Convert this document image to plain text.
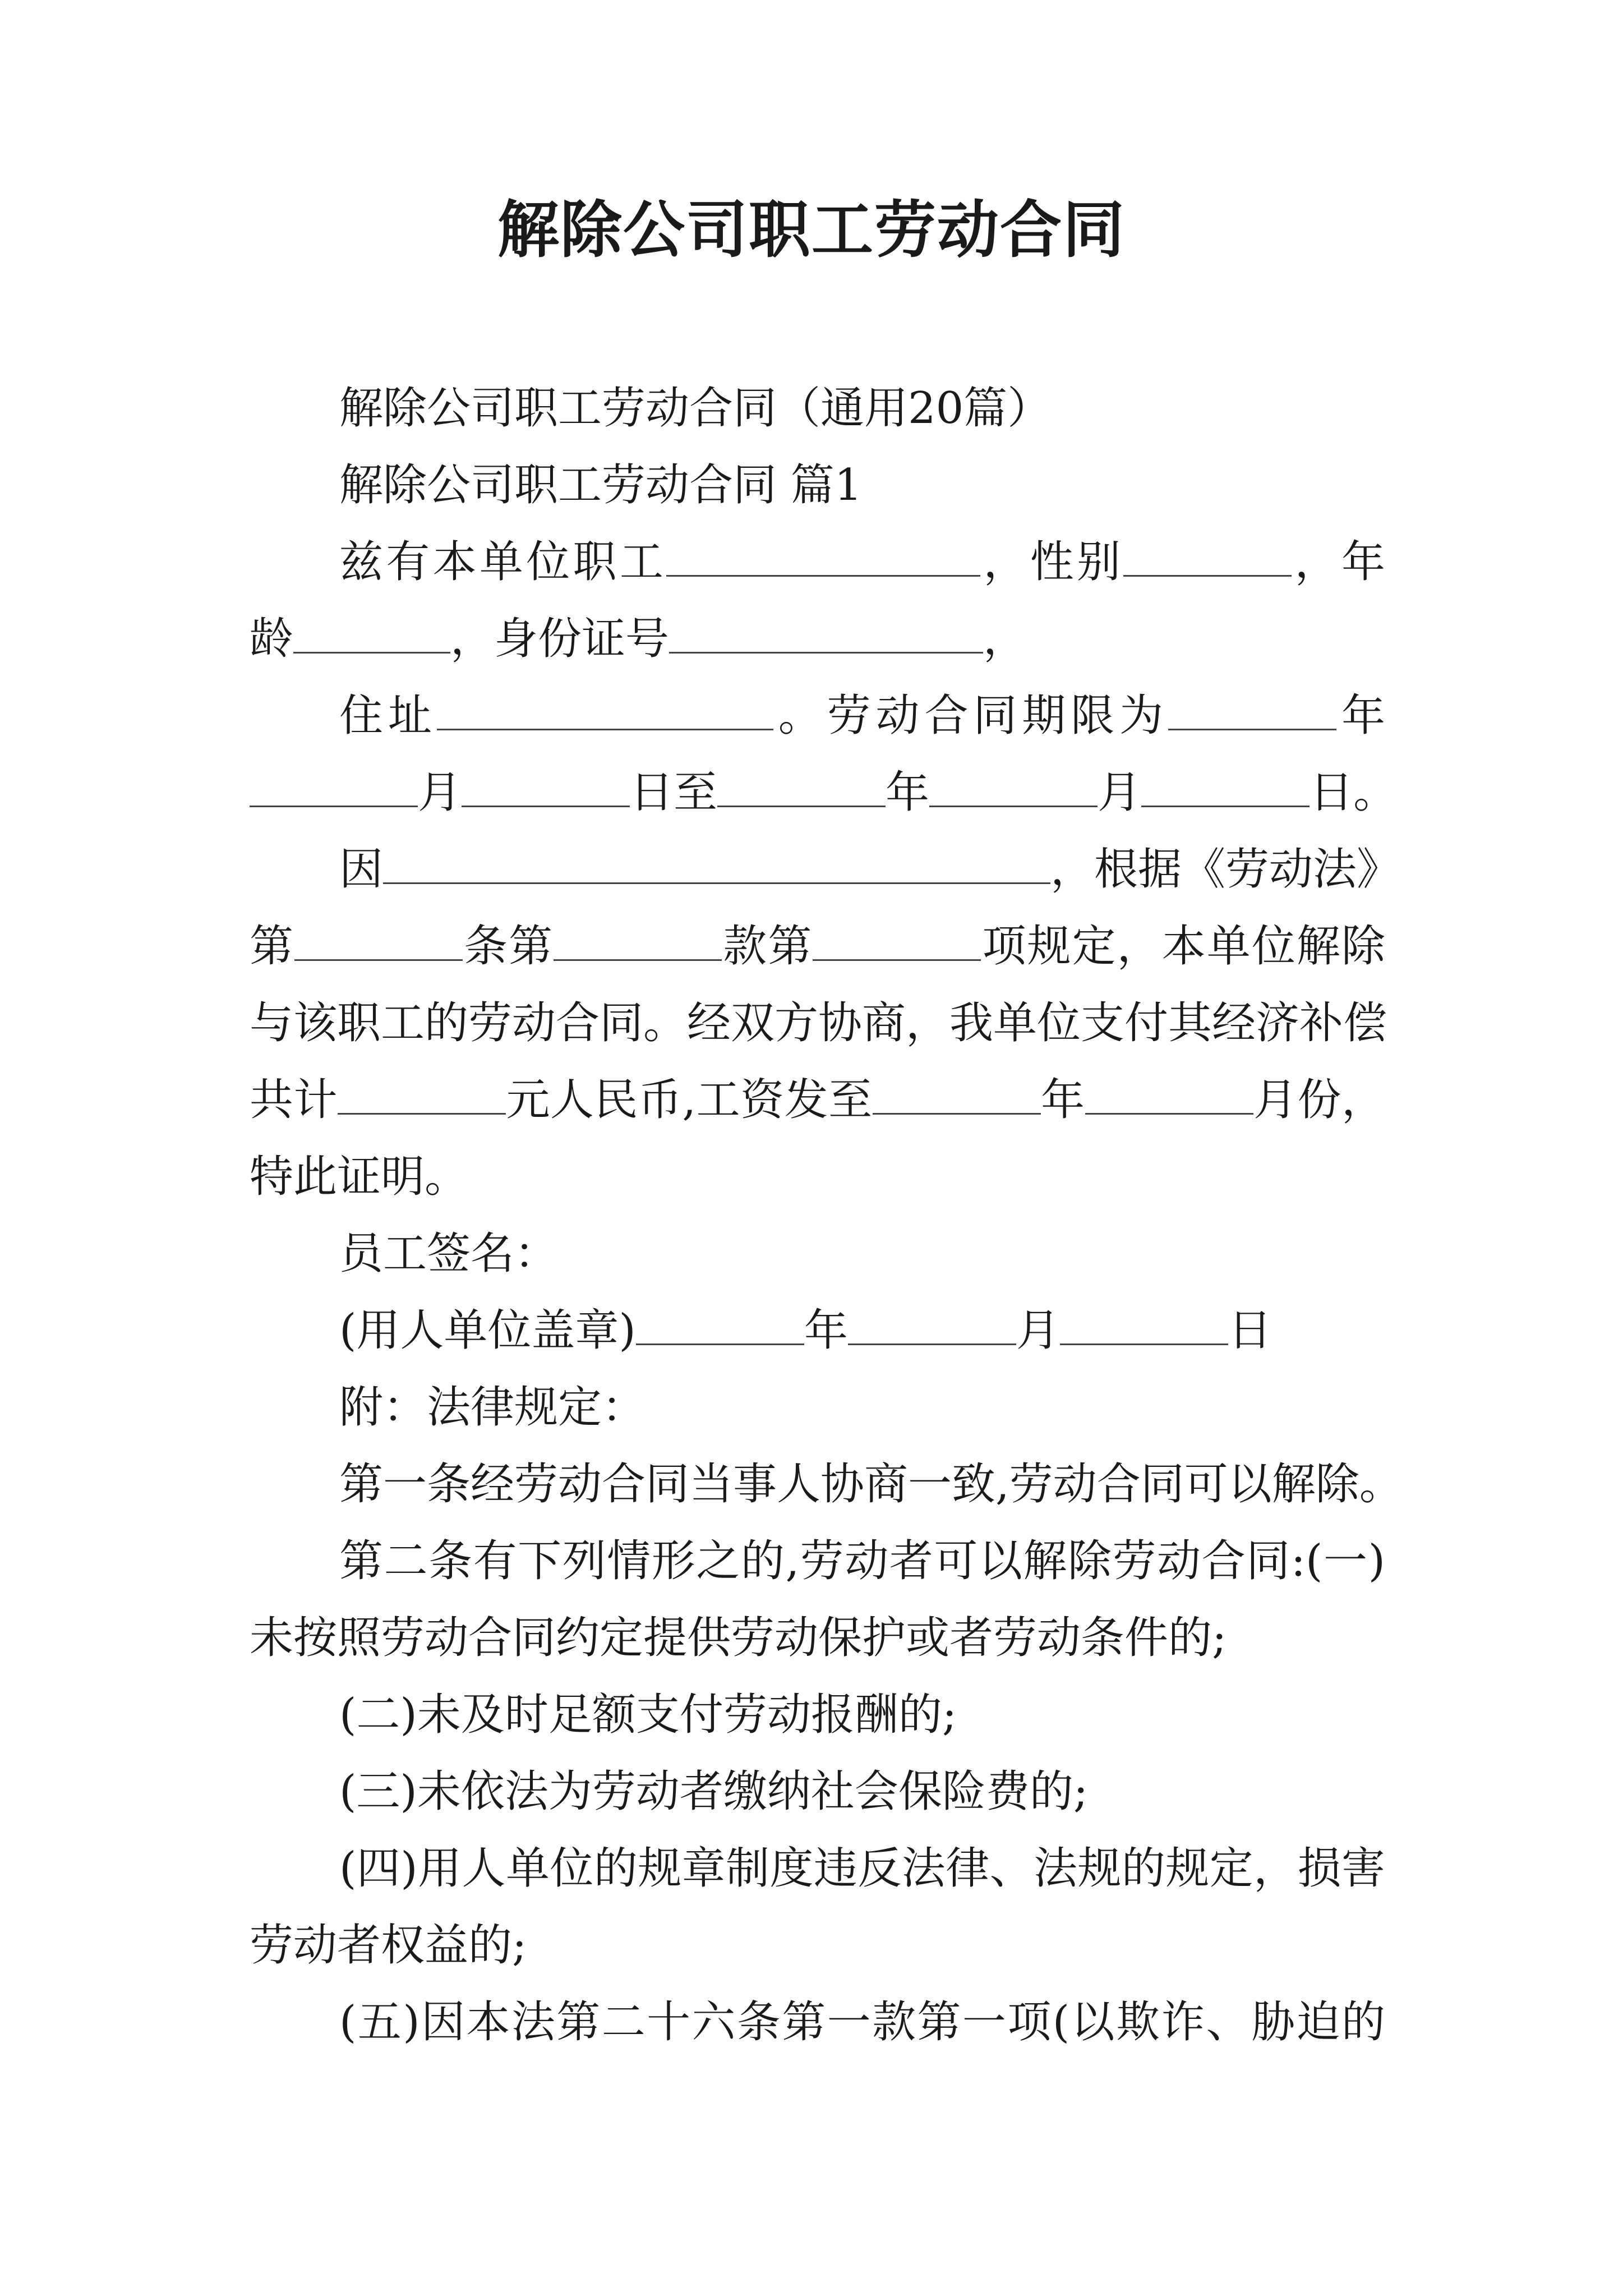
解除公司职工劳动合同

解除公司职工劳动合同（通用20篇）

解除公司职工劳动合同 篇1

兹有本单位职工	，性别	，年

龄	，身份证号	，

住址	。劳动合同期限为	年

月	日至	年	月	日。

因	，根据《劳动法》

第	条第	款第	项规定，本单位解除

与该职工的劳动合同。经双方协商，我单位支付其经济补偿

共计	元人民币,工资发至	年	月份，

特此证明。

员工签名：

(用人单位盖章)	年	月	日

附：法律规定：

第一条经劳动合同当事人协商一致,劳动合同可以解除。

第二条有下列情形之的,劳动者可以解除劳动合同:(一)

未按照劳动合同约定提供劳动保护或者劳动条件的;

(二)未及时足额支付劳动报酬的;

(三)未依法为劳动者缴纳社会保险费的;

(四)用人单位的规章制度违反法律、法规的规定，损害

劳动者权益的;

(五)因本法第二十六条第一款第一项(以欺诈、胁迫的
